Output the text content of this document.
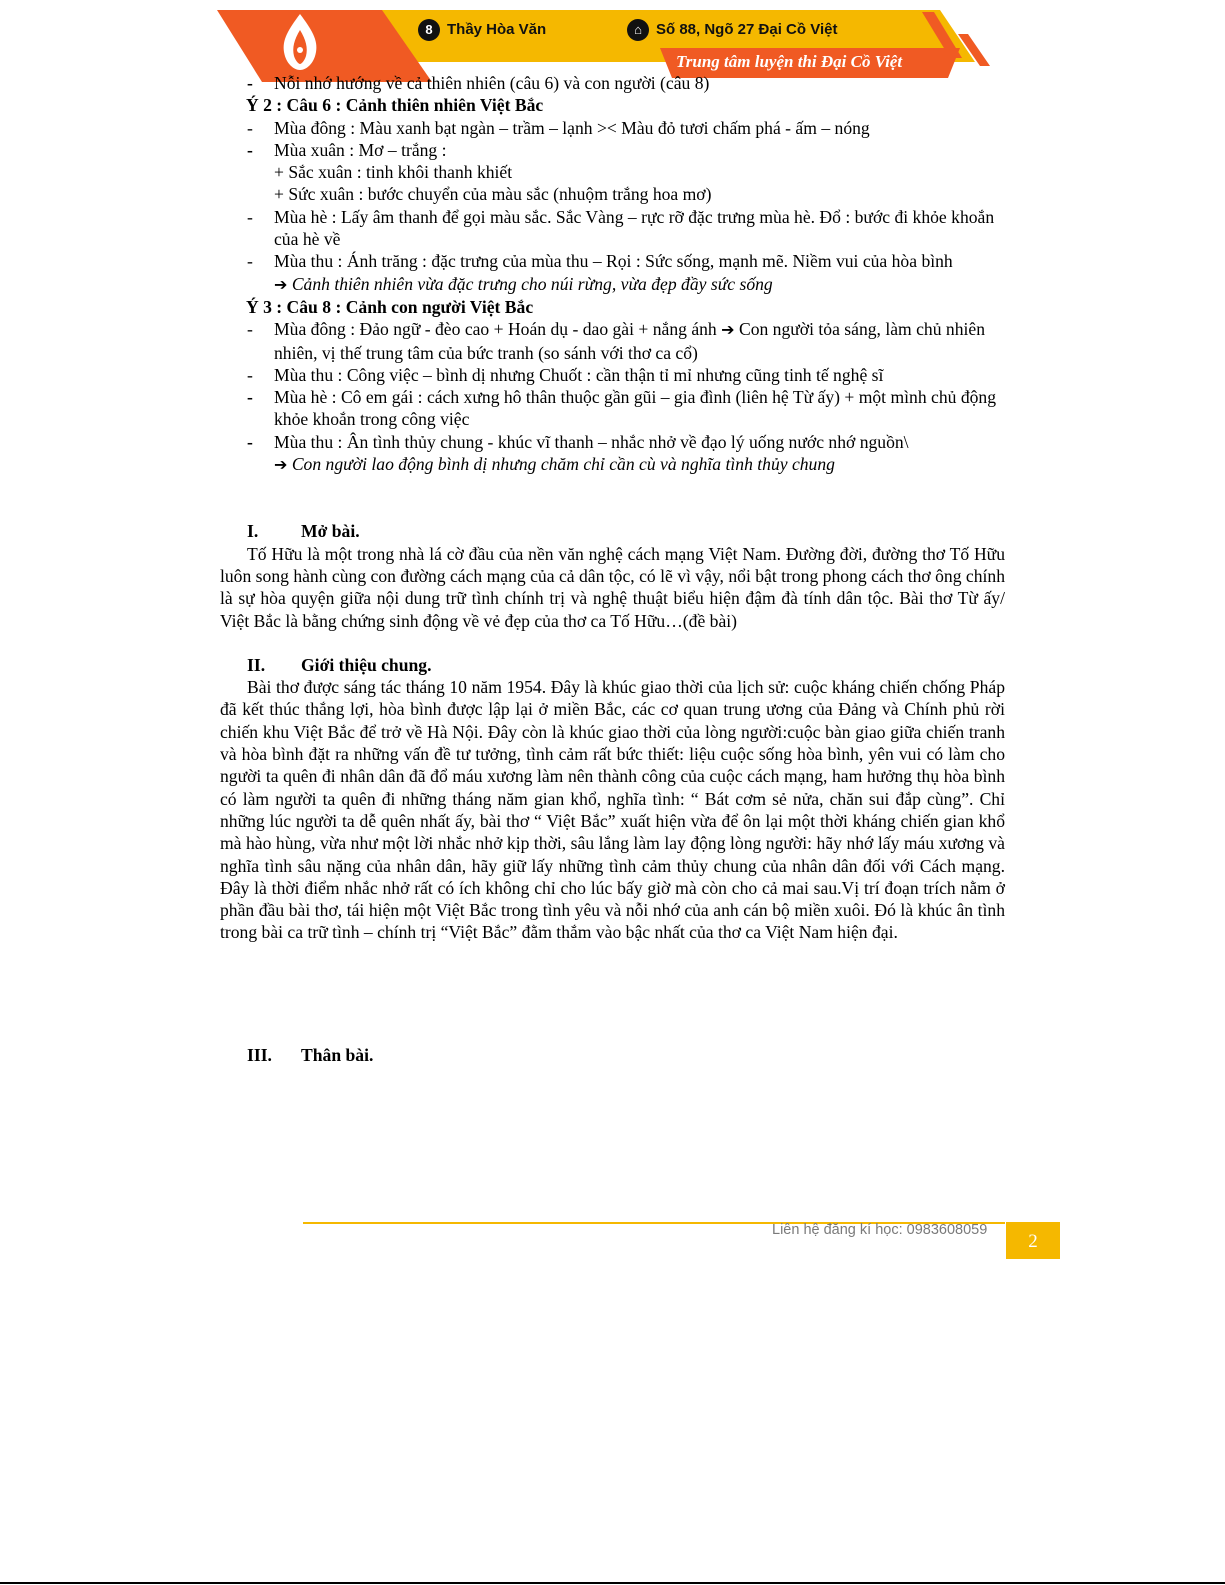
8 Thầy Hòa Văn	⌂ Số 88, Ngõ 27 Đại Cồ Việt
Trung tâm luyện thi Đại Cồ Việt
- Nỗi nhớ hướng về cả thiên nhiên (câu 6) và con người (câu 8)
Ý 2 : Câu 6 : Cảnh thiên nhiên Việt Bắc
- Mùa đông : Màu xanh bạt ngàn – trầm – lạnh >< Màu đỏ tươi chấm phá - ấm – nóng
- Mùa xuân : Mơ – trắng :
+ Sắc xuân : tinh khôi thanh khiết
+ Sức xuân : bước chuyển của màu sắc (nhuộm trắng hoa mơ)
- Mùa hè : Lấy âm thanh để gọi màu sắc. Sắc Vàng – rực rỡ đặc trưng mùa hè. Đổ : bước đi khỏe khoắn của hè về
- Mùa thu : Ánh trăng : đặc trưng của mùa thu – Rọi : Sức sống, mạnh mẽ. Niềm vui của hòa bình
➔ Cảnh thiên nhiên vừa đặc trưng cho núi rừng, vừa đẹp đầy sức sống
Ý 3 : Câu 8 : Cảnh con người Việt Bắc
- Mùa đông : Đảo ngữ - đèo cao + Hoán dụ - dao gài + nắng ánh ➔ Con người tỏa sáng, làm chủ nhiên nhiên, vị thế trung tâm của bức tranh (so sánh với thơ ca cổ)
- Mùa thu : Công việc – bình dị nhưng Chuốt : cần thận tỉ mỉ nhưng cũng tinh tế nghệ sĩ
- Mùa hè : Cô em gái : cách xưng hô thân thuộc gần gũi – gia đình (liên hệ Từ ấy) + một mình chủ động khỏe khoắn trong công việc
- Mùa thu : Ân tình thủy chung - khúc vĩ thanh – nhắc nhở về đạo lý uống nước nhớ nguồn\
➔ Con người lao động bình dị nhưng chăm chỉ cần cù và nghĩa tình thủy chung
I. Mở bài.
Tố Hữu là một trong nhà lá cờ đầu của nền văn nghệ cách mạng Việt Nam. Đường đời, đường thơ Tố Hữu luôn song hành cùng con đường cách mạng của cả dân tộc, có lẽ vì vậy, nổi bật trong phong cách thơ ông chính là sự hòa quyện giữa nội dung trữ tình chính trị và nghệ thuật biểu hiện đậm đà tính dân tộc. Bài thơ Từ ấy/ Việt Bắc là bằng chứng sinh động về vẻ đẹp của thơ ca Tố Hữu…(đề bài)
II. Giới thiệu chung.
Bài thơ được sáng tác tháng 10 năm 1954. Đây là khúc giao thời của lịch sử: cuộc kháng chiến chống Pháp đã kết thúc thắng lợi, hòa bình được lập lại ở miền Bắc, các cơ quan trung ương của Đảng và Chính phủ rời chiến khu Việt Bắc để trở về Hà Nội. Đây còn là khúc giao thời của lòng người:cuộc bàn giao giữa chiến tranh và hòa bình đặt ra những vấn đề tư tưởng, tình cảm rất bức thiết: liệu cuộc sống hòa bình, yên vui có làm cho người ta quên đi nhân dân đã đổ máu xương làm nên thành công của cuộc cách mạng, ham hưởng thụ hòa bình có làm người ta quên đi những tháng năm gian khổ, nghĩa tình: “ Bát cơm sẻ nửa, chăn sui đắp cùng”. Chỉ những lúc người ta dễ quên nhất ấy, bài thơ “ Việt Bắc” xuất hiện vừa để ôn lại một thời kháng chiến gian khổ mà hào hùng, vừa như một lời nhắc nhở kịp thời, sâu lắng làm lay động lòng người: hãy nhớ lấy máu xương và nghĩa tình sâu nặng của nhân dân, hãy giữ lấy những tình cảm thủy chung của nhân dân đối với Cách mạng. Đây là thời điểm nhắc nhở rất có ích không chỉ cho lúc bấy giờ mà còn cho cả mai sau.Vị trí đoạn trích nằm ở phần đầu bài thơ, tái hiện một Việt Bắc trong tình yêu và nỗi nhớ của anh cán bộ miền xuôi. Đó là khúc ân tình trong bài ca trữ tình – chính trị “Việt Bắc” đằm thắm vào bậc nhất của thơ ca Việt Nam hiện đại.
III. Thân bài.
Liên hệ đăng kí học: 0983608059
2
